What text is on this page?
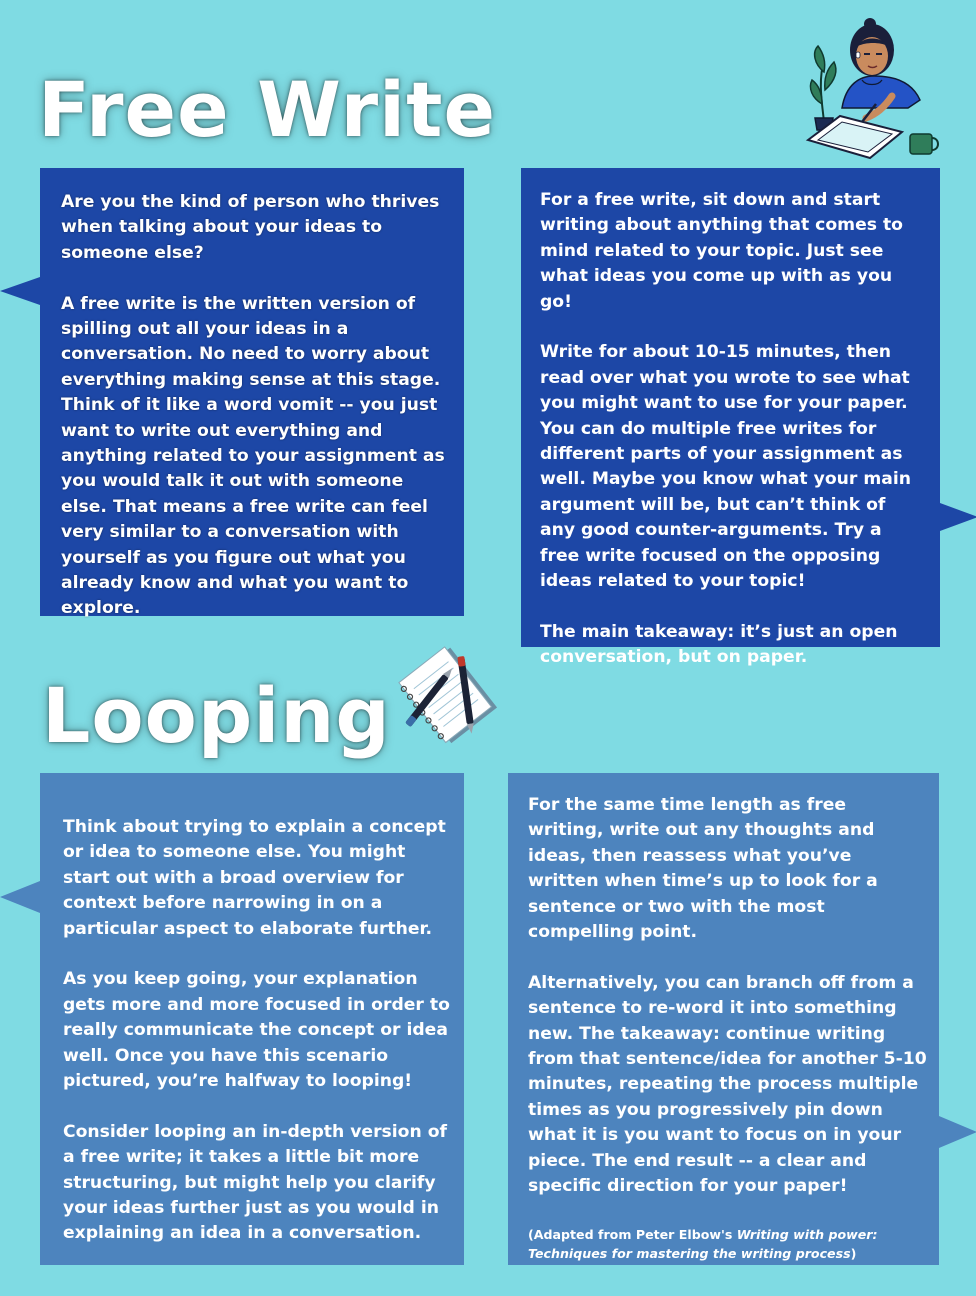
Free Write

Are you the kind of person who thrives when talking about your ideas to someone else?

A free write is the written version of spilling out all your ideas in a conversation. No need to worry about everything making sense at this stage. Think of it like a word vomit -- you just want to write out everything and anything related to your assignment as you would talk it out with someone else. That means a free write can feel very similar to a conversation with yourself as you figure out what you already know and what you want to explore.

For a free write, sit down and start writing about anything that comes to mind related to your topic. Just see what ideas you come up with as you go!

Write for about 10-15 minutes, then read over what you wrote to see what you might want to use for your paper. You can do multiple free writes for different parts of your assignment as well. Maybe you know what your main argument will be, but can’t think of any good counter-arguments. Try a free write focused on the opposing ideas related to your topic!

The main takeaway: it’s just an open conversation, but on paper.

Looping

Think about trying to explain a concept or idea to someone else. You might start out with a broad overview for context before narrowing in on a particular aspect to elaborate further.

As you keep going, your explanation gets more and more focused in order to really communicate the concept or idea well. Once you have this scenario pictured, you’re halfway to looping!

Consider looping an in-depth version of a free write; it takes a little bit more structuring, but might help you clarify your ideas further just as you would in explaining an idea in a conversation.

For the same time length as free writing, write out any thoughts and ideas, then reassess what you’ve written when time’s up to look for a sentence or two with the most compelling point.

Alternatively, you can branch off from a sentence to re-word it into something new. The takeaway: continue writing from that sentence/idea for another 5-10 minutes, repeating the process multiple times as you progressively pin down what it is you want to focus on in your piece. The end result -- a clear and specific direction for your paper!

(Adapted from Peter Elbow's Writing with power: Techniques for mastering the writing process)
